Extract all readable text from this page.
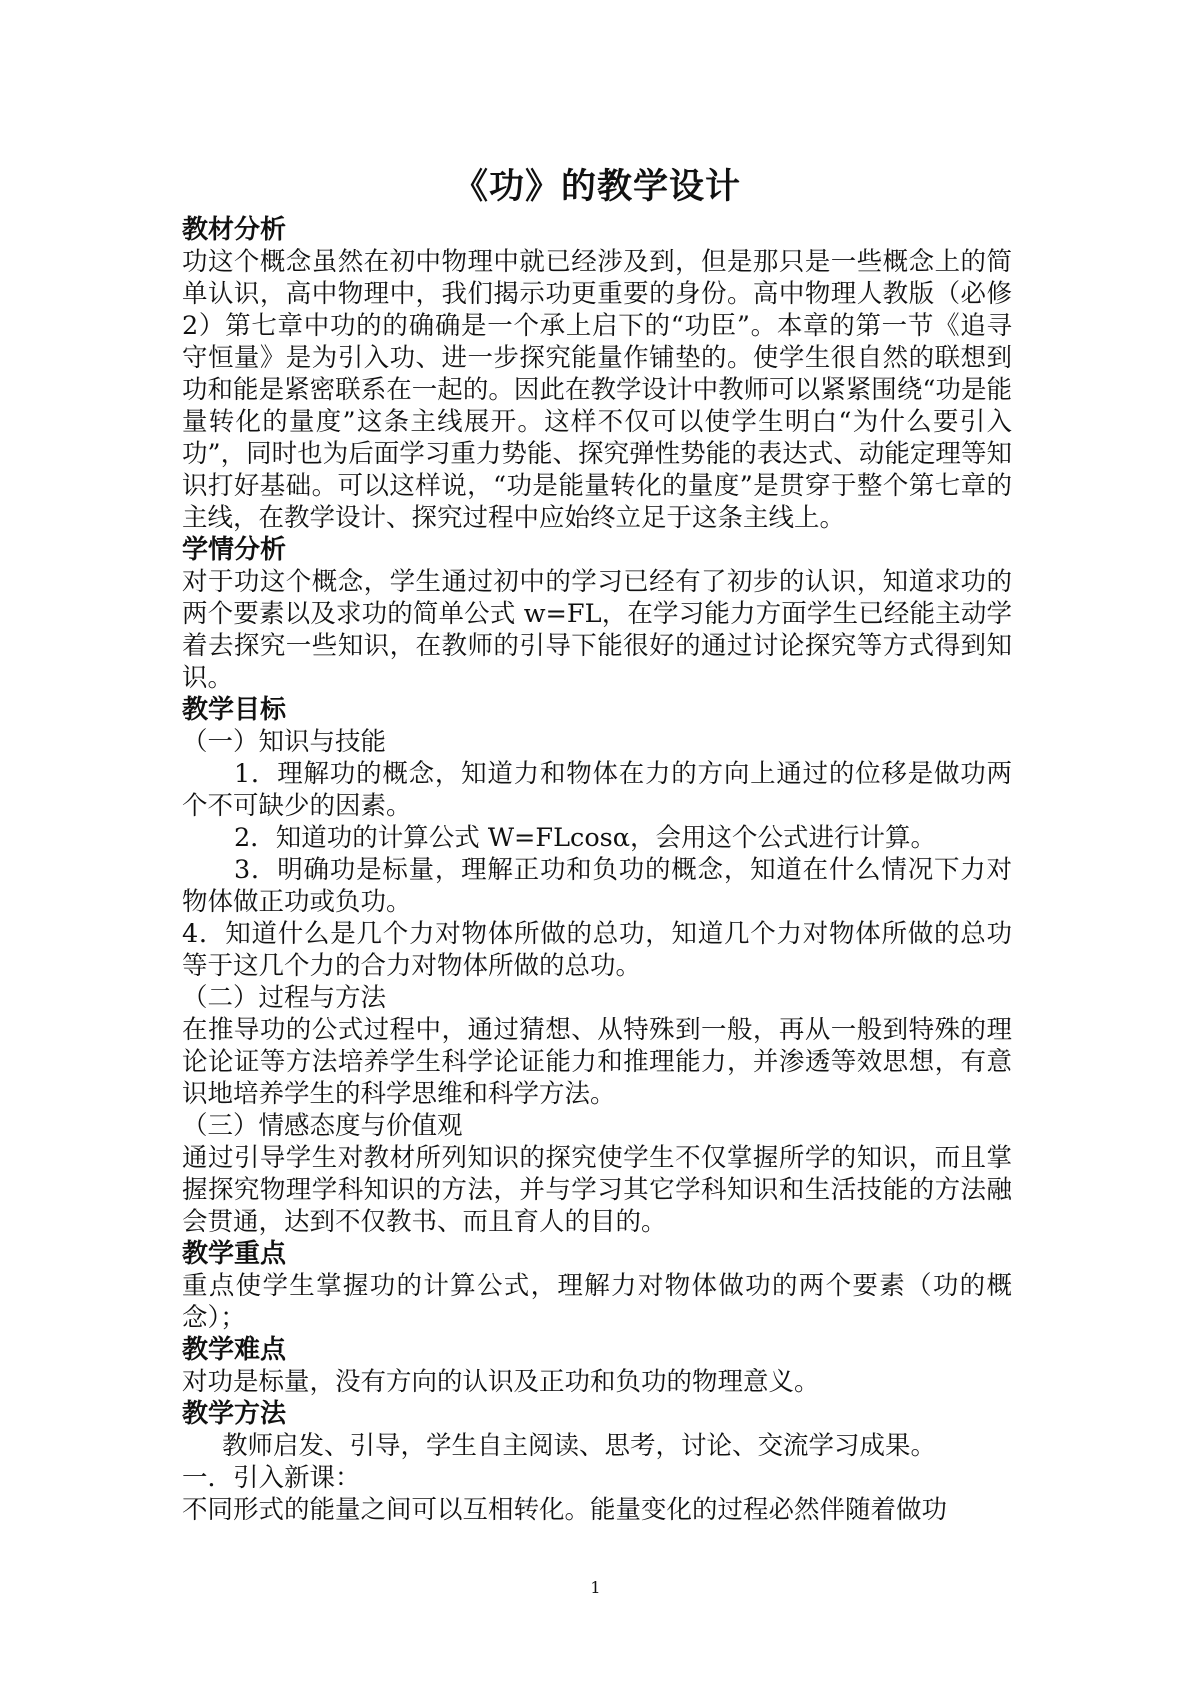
《功》的教学设计
教材分析

功这个概念虽然在初中物理中就已经涉及到，但是那只是一些概念上的简单认识，高中物理中，我们揭示功更重要的身份。高中物理人教版（必修2）第七章中功的的确确是一个承上启下的“功臣”。本章的第一节《追寻守恒量》是为引入功、进一步探究能量作铺垫的。使学生很自然的联想到功和能是紧密联系在一起的。因此在教学设计中教师可以紧紧围绕“功是能量转化的量度”这条主线展开。这样不仅可以使学生明白“为什么要引入功”，同时也为后面学习重力势能、探究弹性势能的表达式、动能定理等知识打好基础。可以这样说，“功是能量转化的量度”是贯穿于整个第七章的主线，在教学设计、探究过程中应始终立足于这条主线上。

学情分析

对于功这个概念，学生通过初中的学习已经有了初步的认识，知道求功的两个要素以及求功的简单公式 w=FL，在学习能力方面学生已经能主动学着去探究一些知识，在教师的引导下能很好的通过讨论探究等方式得到知识。

教学目标

（一）知识与技能

1．理解功的概念，知道力和物体在力的方向上通过的位移是做功两个不可缺少的因素。

2．知道功的计算公式 W=FLcosα，会用这个公式进行计算。

3．明确功是标量，理解正功和负功的概念，知道在什么情况下力对物体做正功或负功。

4．知道什么是几个力对物体所做的总功，知道几个力对物体所做的总功等于这几个力的合力对物体所做的总功。

（二）过程与方法

在推导功的公式过程中，通过猜想、从特殊到一般，再从一般到特殊的理论论证等方法培养学生科学论证能力和推理能力，并渗透等效思想，有意识地培养学生的科学思维和科学方法。

（三）情感态度与价值观

通过引导学生对教材所列知识的探究使学生不仅掌握所学的知识，而且掌握探究物理学科知识的方法，并与学习其它学科知识和生活技能的方法融会贯通，达到不仅教书、而且育人的目的。

教学重点

重点使学生掌握功的计算公式，理解力对物体做功的两个要素（功的概念）；

教学难点

对功是标量，没有方向的认识及正功和负功的物理意义。

教学方法

教师启发、引导，学生自主阅读、思考，讨论、交流学习成果。

一．引入新课：

不同形式的能量之间可以互相转化。能量变化的过程必然伴随着做功

1
